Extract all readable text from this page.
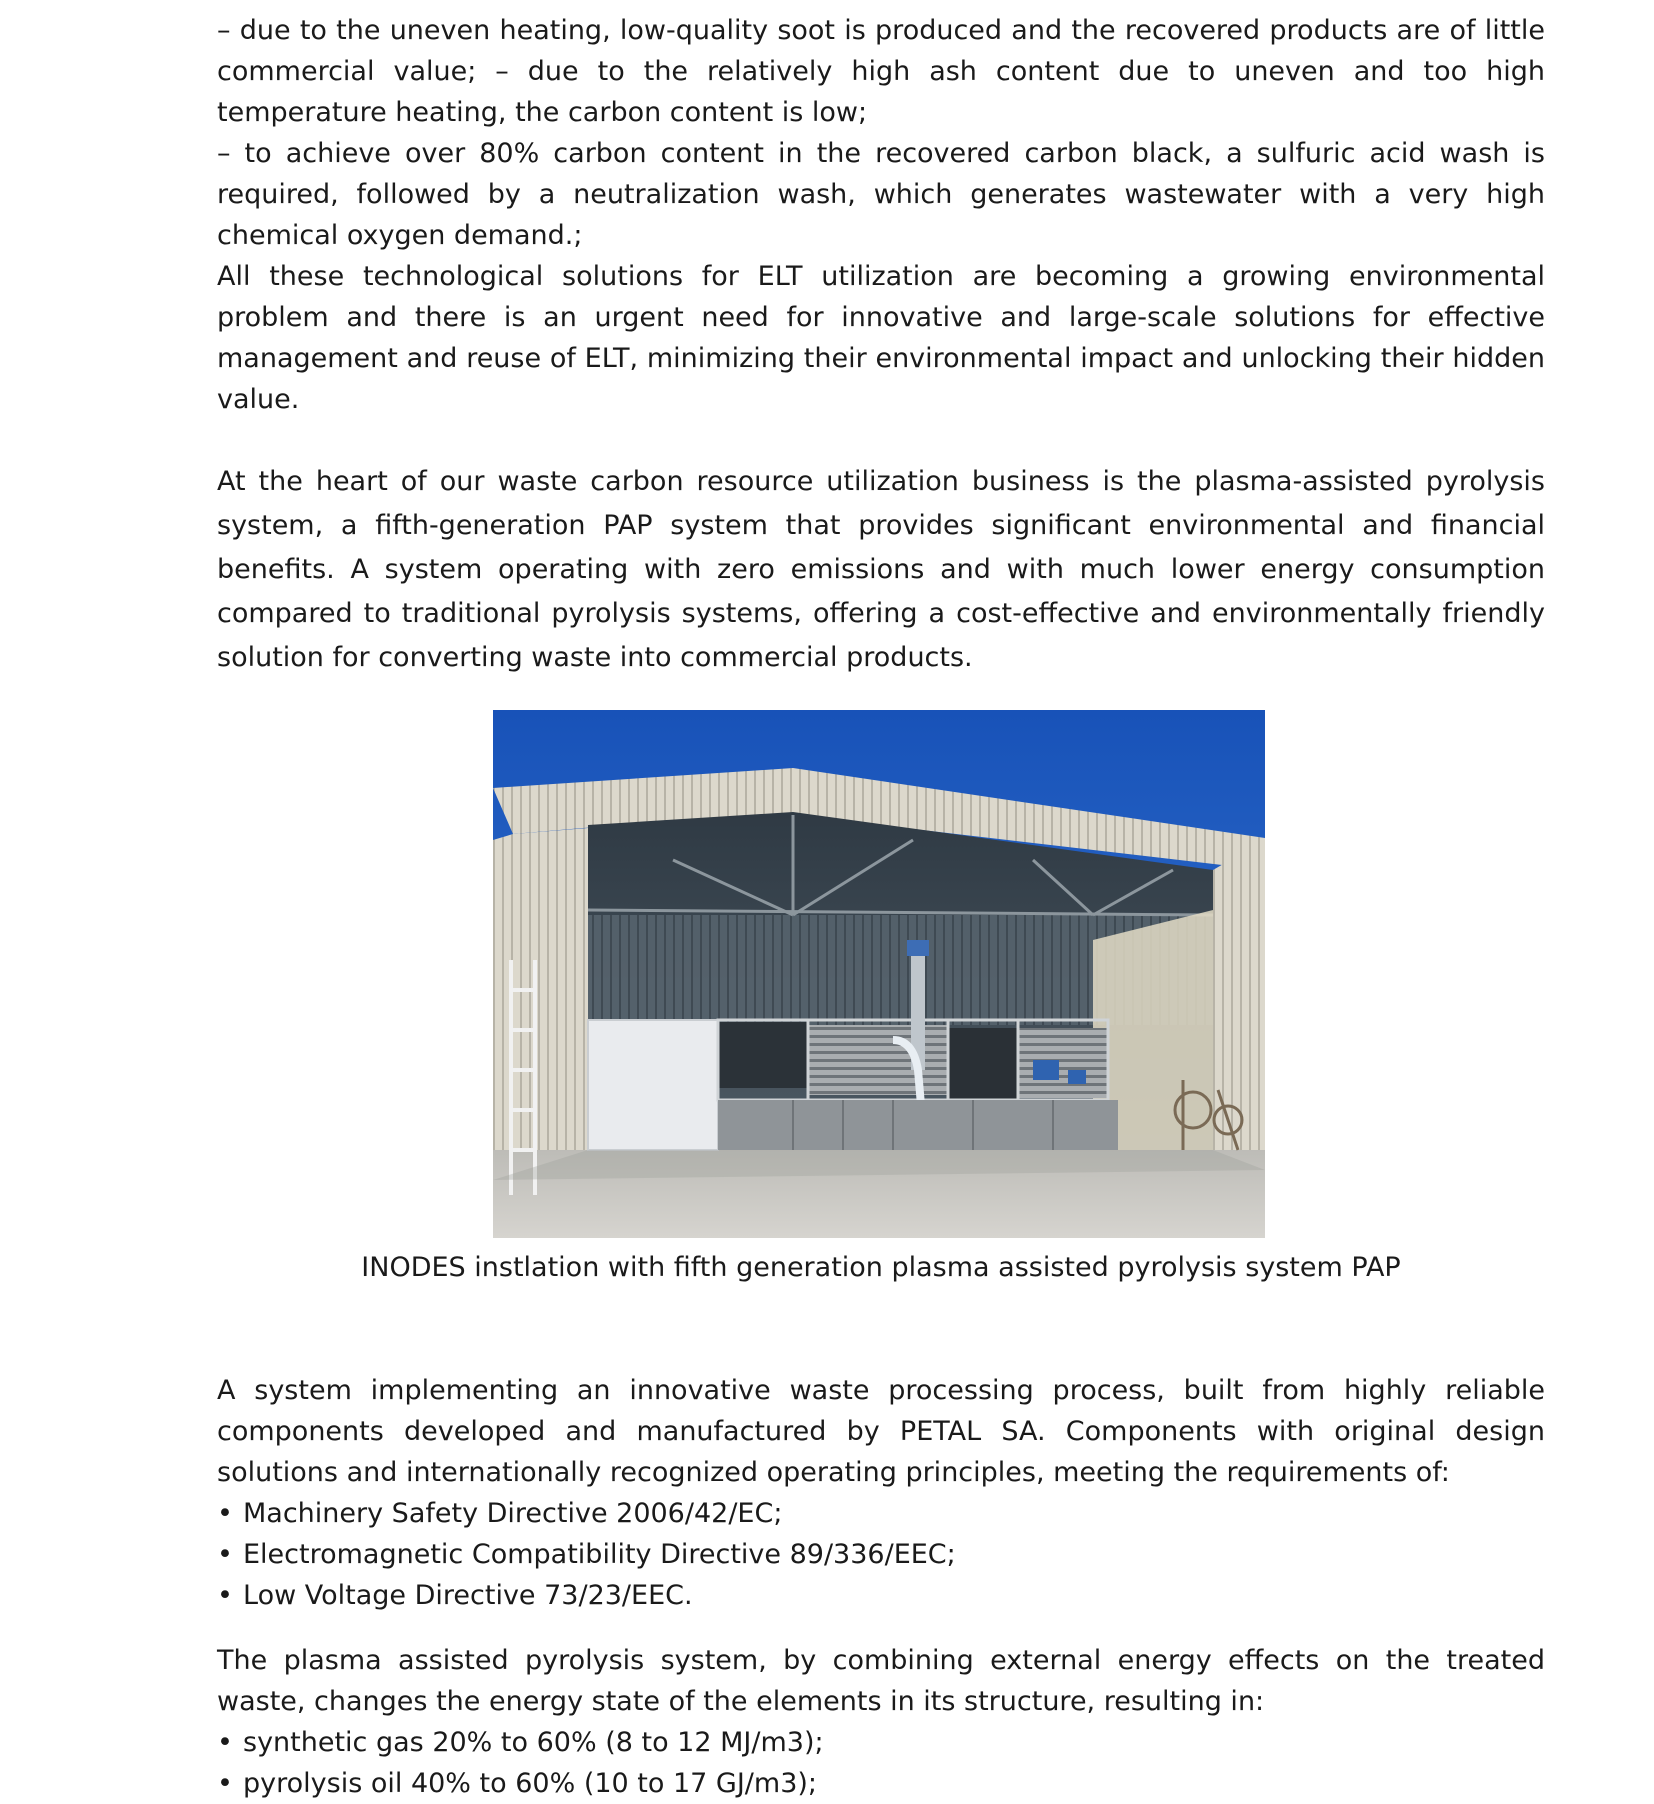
– due to the uneven heating, low-quality soot is produced and the recovered products are of little commercial value; – due to the relatively high ash content due to uneven and too high temperature heating, the carbon content is low;

– to achieve over 80% carbon content in the recovered carbon black, a sulfuric acid wash is required, followed by a neutralization wash, which generates wastewater with a very high chemical oxygen demand.;

All these technological solutions for ELT utilization are becoming a growing environmental problem and there is an urgent need for innovative and large-scale solutions for effective management and reuse of ELT, minimizing their environmental impact and unlocking their hidden value.

At the heart of our waste carbon resource utilization business is the plasma-assisted pyrolysis system, a fifth-generation PAP system that provides significant environmental and financial benefits. A system operating with zero emissions and with much lower energy consumption compared to traditional pyrolysis systems, offering a cost-effective and environmentally friendly solution for converting waste into commercial products.

INODES instlation with fifth generation plasma assisted pyrolysis system PAP

A system implementing an innovative waste processing process, built from highly reliable components developed and manufactured by PETAL SA. Components with original design solutions and internationally recognized operating principles, meeting the requirements of:

• Machinery Safety Directive 2006/42/EC;
• Electromagnetic Compatibility Directive 89/336/EEC;
• Low Voltage Directive 73/23/EEC.

The plasma assisted pyrolysis system, by combining external energy effects on the treated waste, changes the energy state of the elements in its structure, resulting in:

• synthetic gas 20% to 60% (8 to 12 MJ/m3);
• pyrolysis oil 40% to 60% (10 to 17 GJ/m3);
